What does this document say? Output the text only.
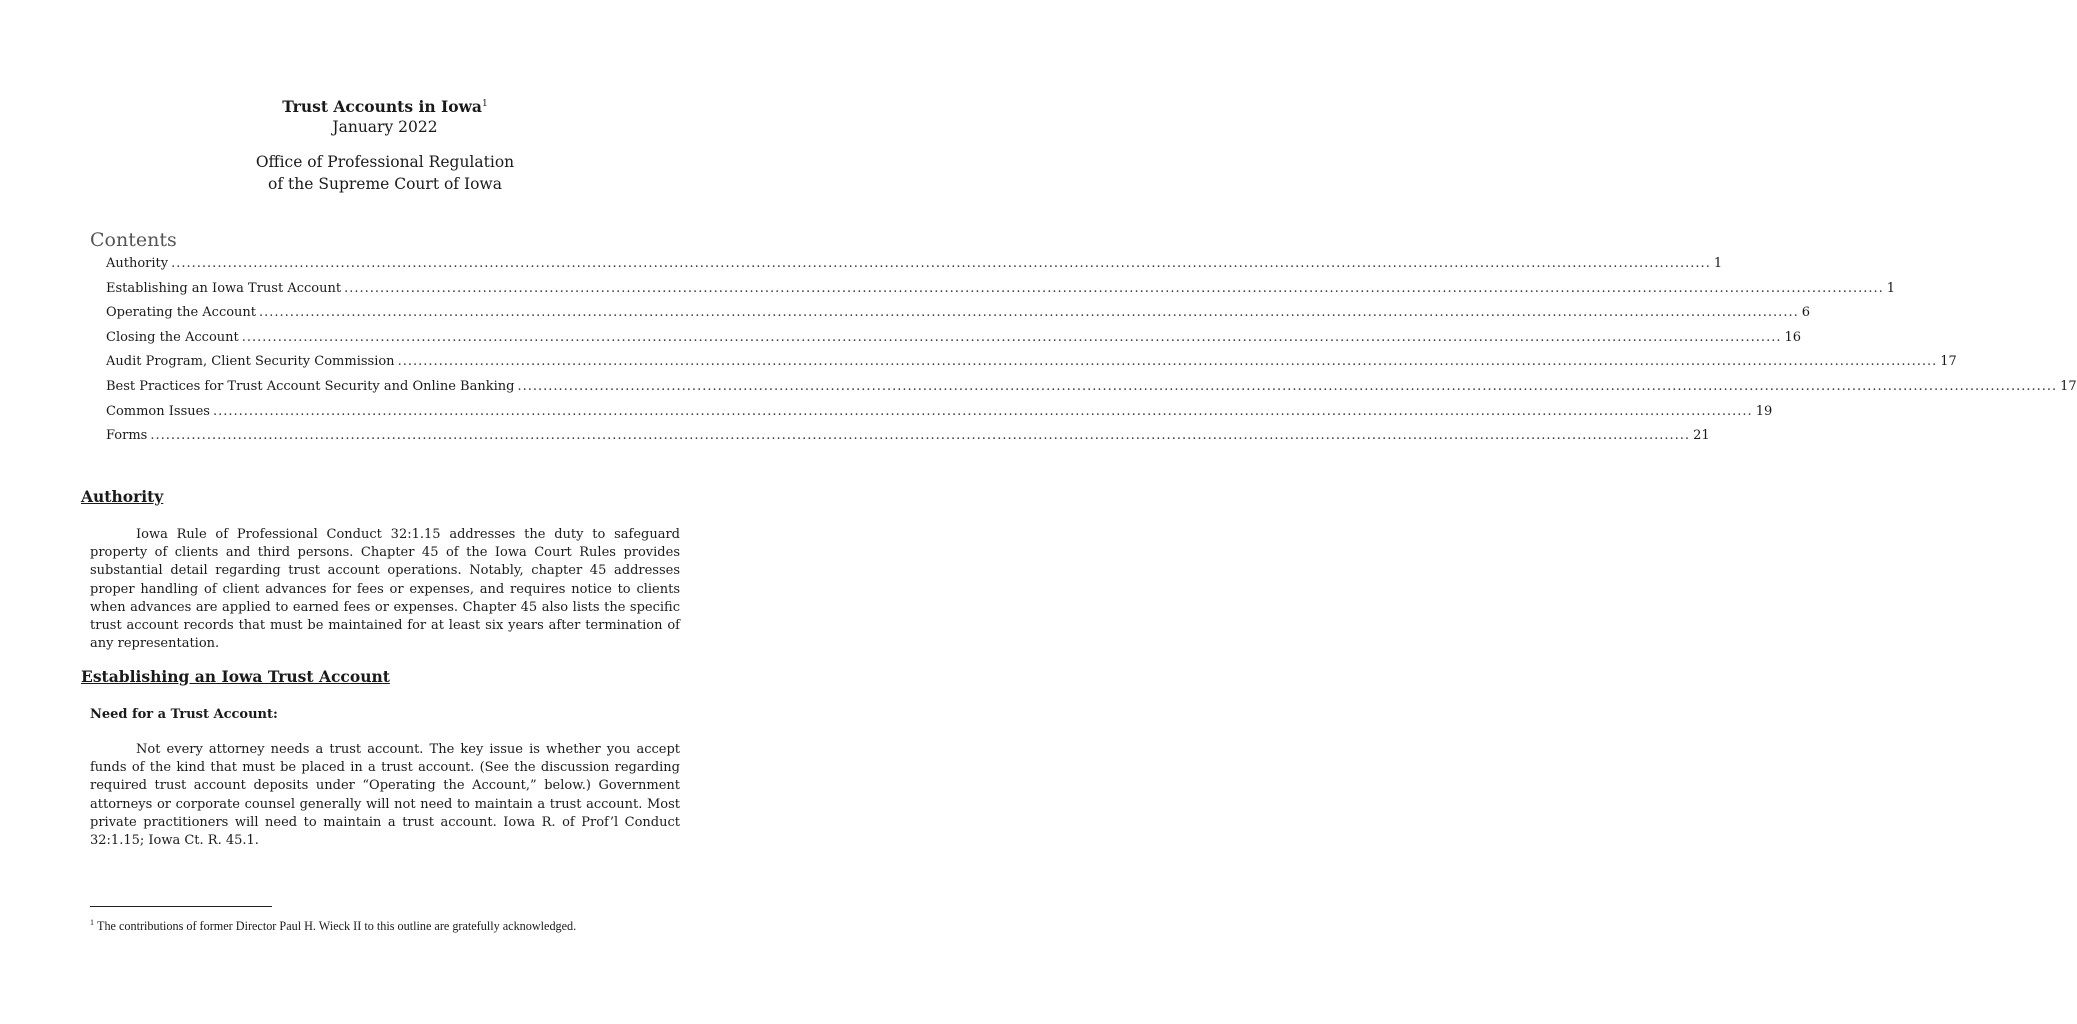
Trust Accounts in Iowa$^1$
January 2022
Office of Professional Regulation
of the Supreme Court of Iowa
Contents
Authority ............................................................................................................................................................................................................................................................................................................ 1
Establishing an Iowa Trust Account ............................................................................................................................................................................................................................................................................................................ 1
Operating the Account ............................................................................................................................................................................................................................................................................................................ 6
Closing the Account ............................................................................................................................................................................................................................................................................................................ 16
Audit Program, Client Security Commission ............................................................................................................................................................................................................................................................................................................ 17
Best Practices for Trust Account Security and Online Banking ............................................................................................................................................................................................................................................................................................................ 17
Common Issues ............................................................................................................................................................................................................................................................................................................ 19
Forms ............................................................................................................................................................................................................................................................................................................ 21
Authority

Iowa Rule of Professional Conduct 32:1.15 addresses the duty to safeguard property of clients and third persons. Chapter 45 of the Iowa Court Rules provides substantial detail regarding trust account operations. Notably, chapter 45 addresses proper handling of client advances for fees or expenses, and requires notice to clients when advances are applied to earned fees or expenses. Chapter 45 also lists the specific trust account records that must be maintained for at least six years after termination of any representation.

Establishing an Iowa Trust Account
Need for a Trust Account:

Not every attorney needs a trust account. The key issue is whether you accept funds of the kind that must be placed in a trust account. (See the discussion regarding required trust account deposits under “Operating the Account,” below.) Government attorneys or corporate counsel generally will not need to maintain a trust account. Most private practitioners will need to maintain a trust account. Iowa R. of Prof’l Conduct 32:1.15; Iowa Ct. R. 45.1.

$^1$ The contributions of former Director Paul H. Wieck II to this outline are gratefully acknowledged.
